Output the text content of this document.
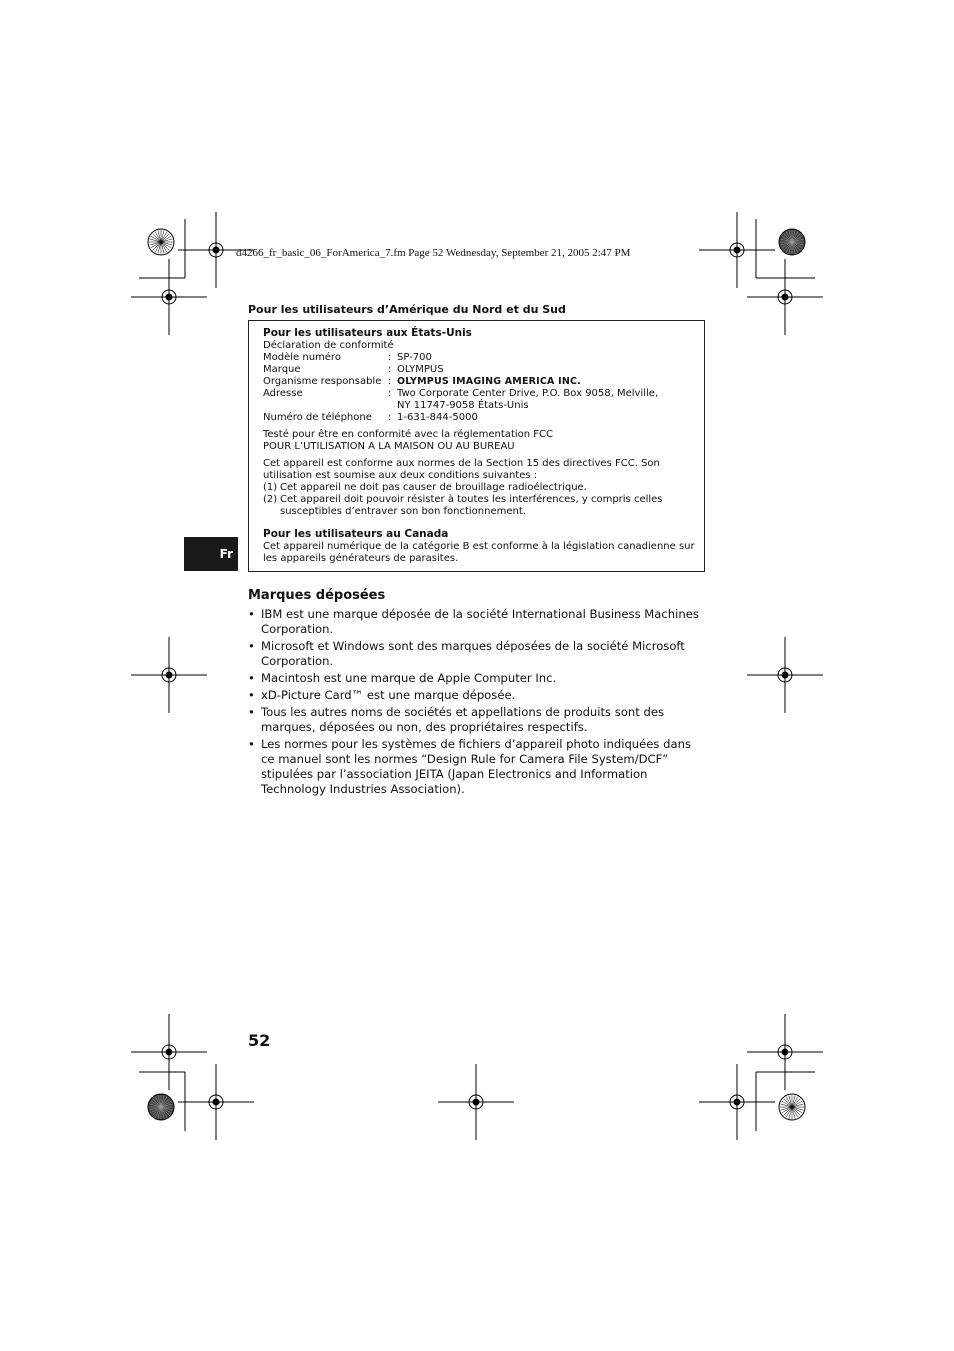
d4266_fr_basic_06_ForAmerica_7.fm Page 52 Wednesday, September 21, 2005 2:47 PM
Pour les utilisateurs d’Amérique du Nord et du Sud
Pour les utilisateurs aux États-Unis
Déclaration de conformité
Modèle numéro	: SP-700
Marque	: OLYMPUS
Organisme responsable : OLYMPUS IMAGING AMERICA INC.
Adresse	: Two Corporate Center Drive, P.O. Box 9058, Melville,
NY 11747-9058 États-Unis
Numéro de téléphone	: 1-631-844-5000
Testé pour être en conformité avec la réglementation FCC
POUR L’UTILISATION A LA MAISON OU AU BUREAU
Cet appareil est conforme aux normes de la Section 15 des directives FCC. Son utilisation est soumise aux deux conditions suivantes :
(1) Cet appareil ne doit pas causer de brouillage radioélectrique.
(2) Cet appareil doit pouvoir résister à toutes les interférences, y compris celles susceptibles d’entraver son bon fonctionnement.
Pour les utilisateurs au Canada
Cet appareil numérique de la catégorie B est conforme à la législation canadienne sur les appareils générateurs de parasites.
Fr
Marques déposées
• IBM est une marque déposée de la société International Business Machines Corporation.
• Microsoft et Windows sont des marques déposées de la société Microsoft Corporation.
• Macintosh est une marque de Apple Computer Inc.
• xD-Picture Card™ est une marque déposée.
• Tous les autres noms de sociétés et appellations de produits sont des marques, déposées ou non, des propriétaires respectifs.
• Les normes pour les systèmes de fichiers d’appareil photo indiquées dans ce manuel sont les normes “Design Rule for Camera File System/DCF” stipulées par l’association JEITA (Japan Electronics and Information Technology Industries Association).
52
